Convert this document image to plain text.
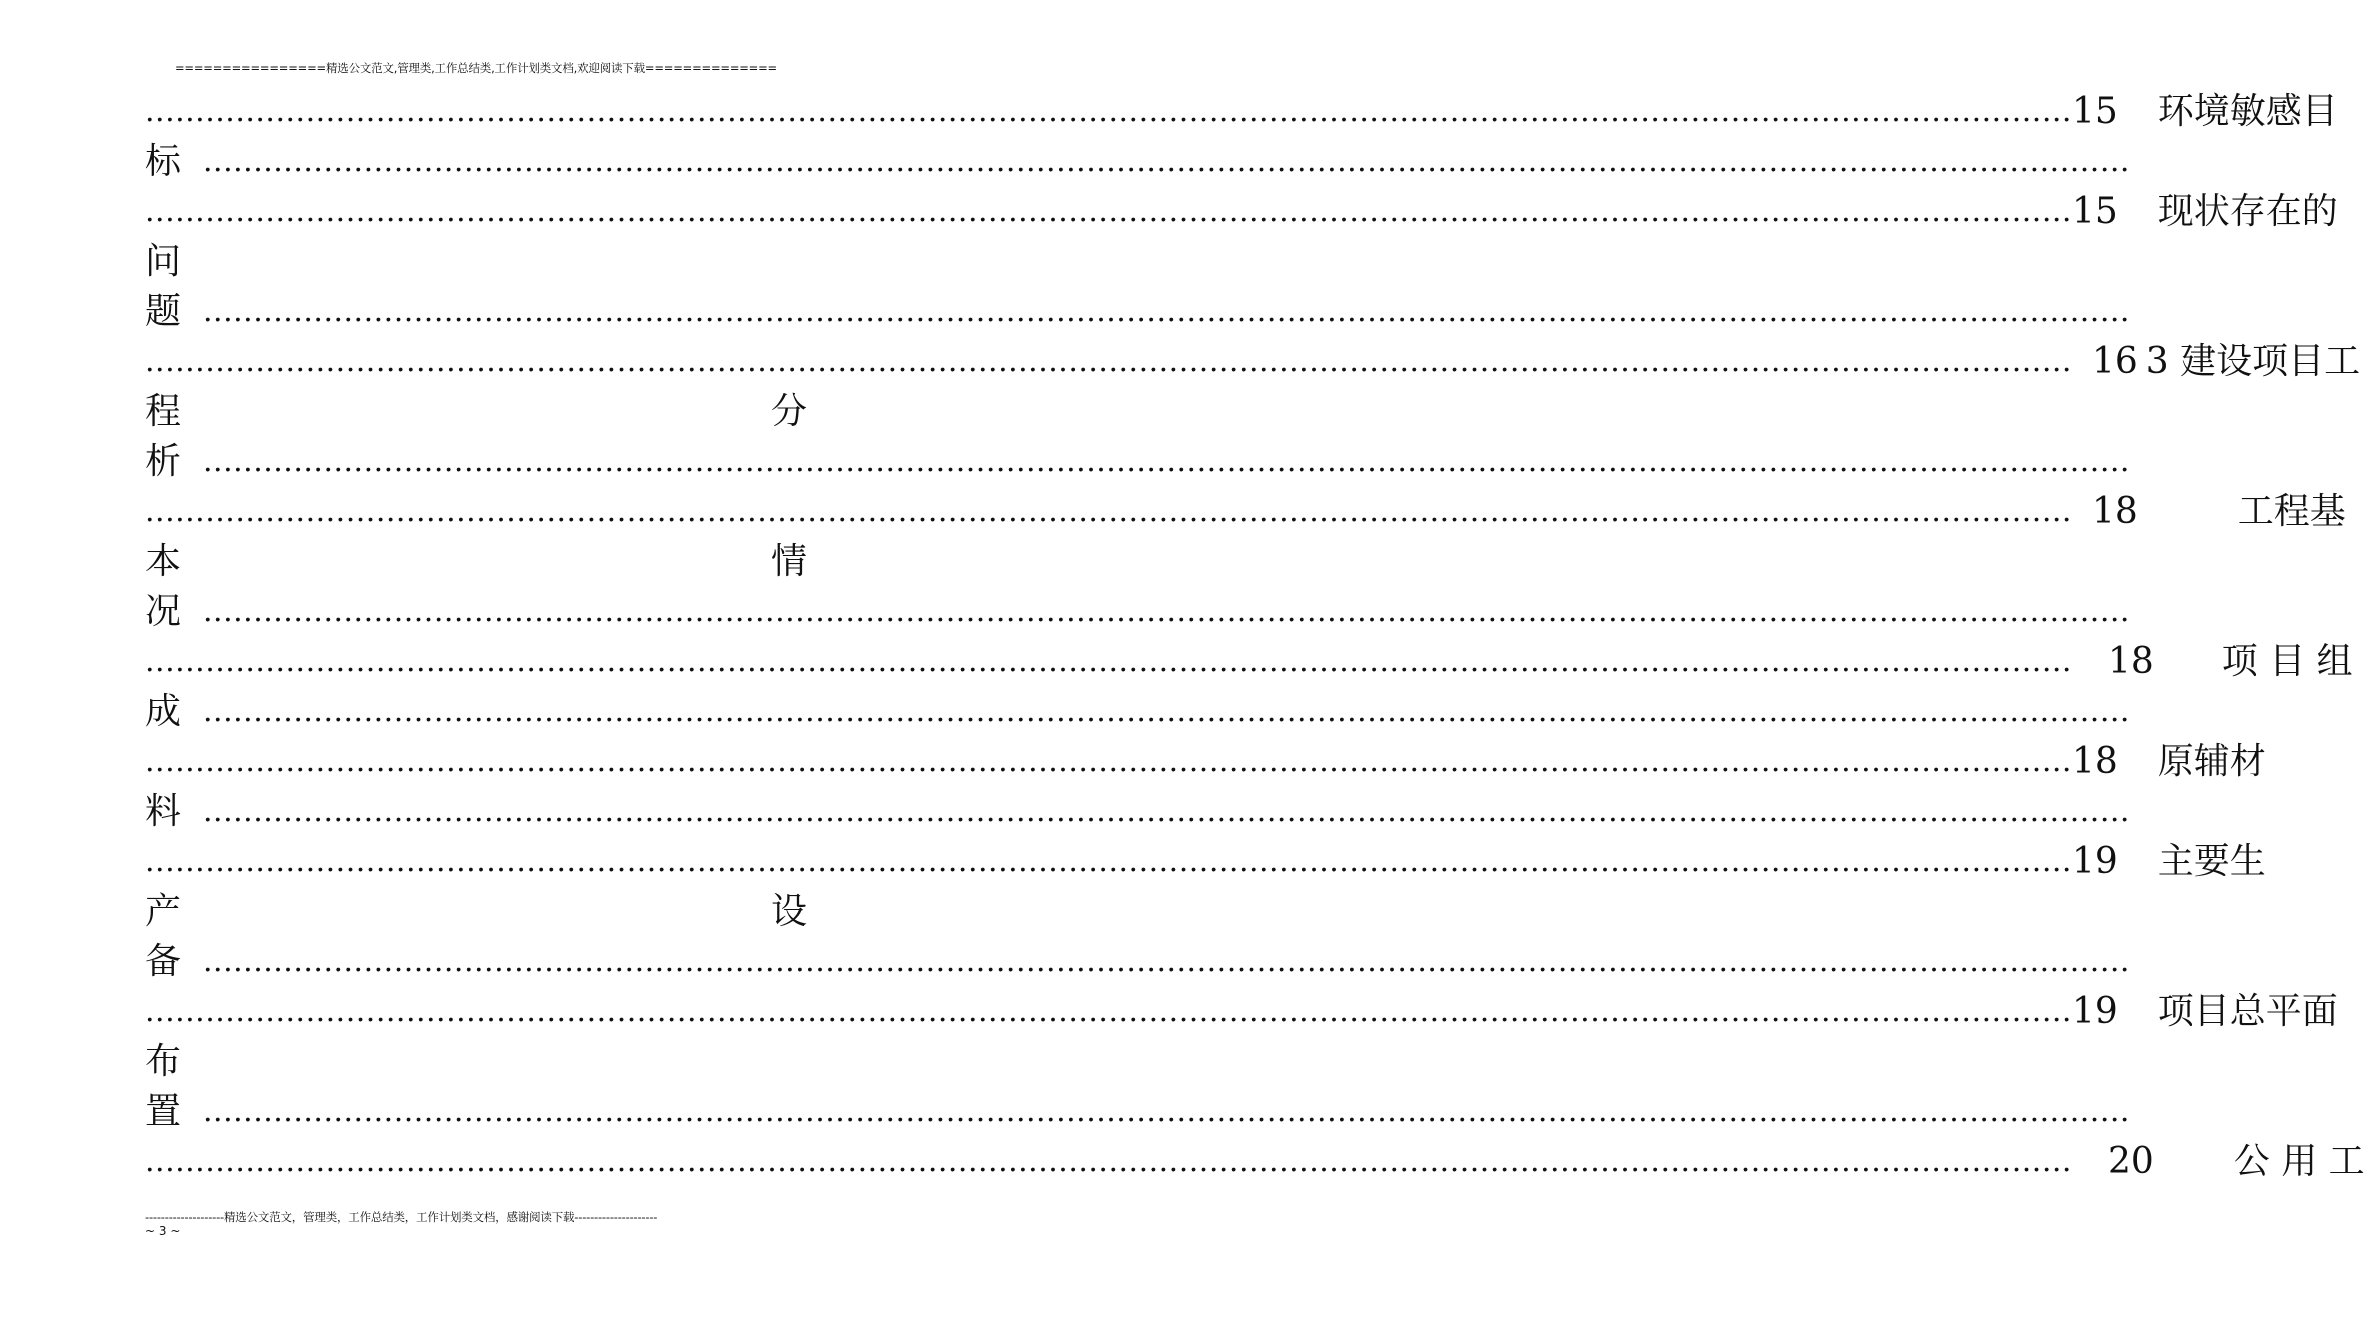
================精选公文范文,管理类,工作总结类,工作计划类文档,欢迎阅读下载==============
.....
15 环境敏感目
标
.....
.....
15 现状存在的
问
题
.....
.....
16 3 建设项目工
程	分
析
.....
.....
18	工程基
本	情
况
.....
.....
18 项 目 组
成
.....
.....
18 原辅材
料
.....
.....
19 主要生
产	设
备
.....
.....
19 项目总平面
布
置
.....
.....
20 公 用 工
--------------------精选公文范文，管理类，工作总结类，工作计划类文档，感谢阅读下载---------------------
~ 3 ~
